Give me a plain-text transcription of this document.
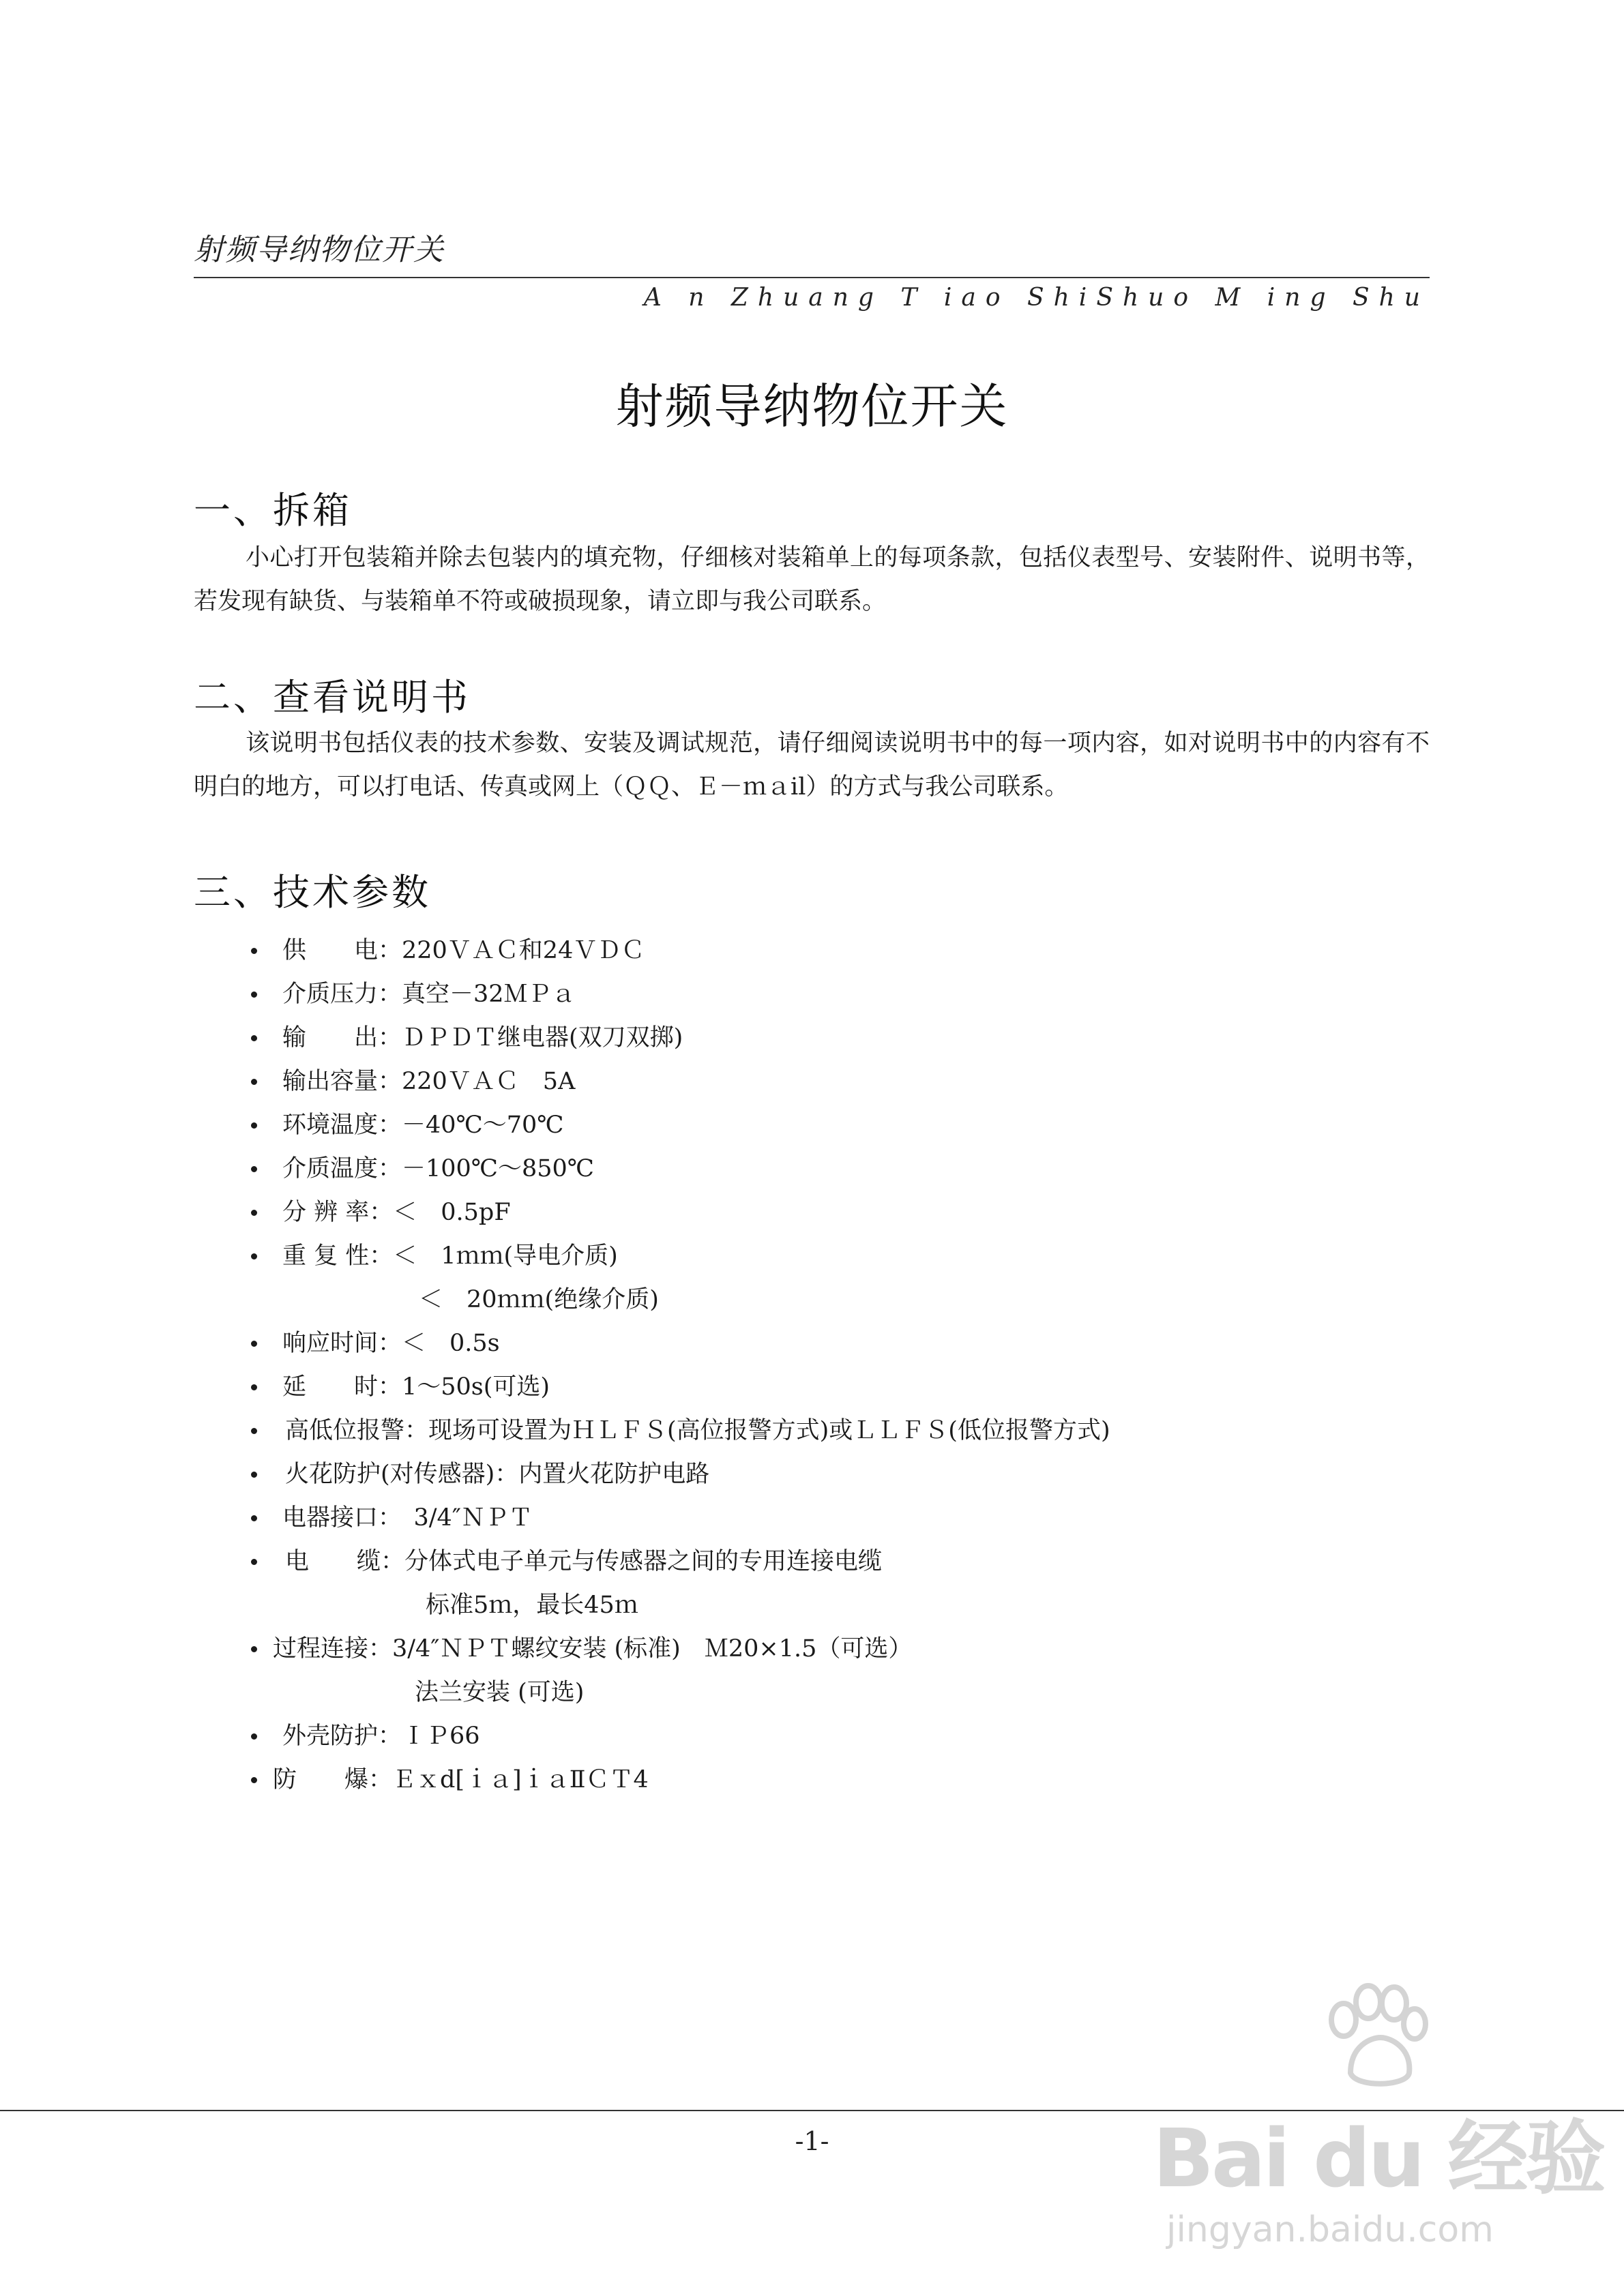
射频导纳物位开关
A n Zhuang T iao ShiShuo M ing Shu
射频导纳物位开关
一、拆箱
小心打开包装箱并除去包装内的填充物，仔细核对装箱单上的每项条款，包括仪表型号、安装附件、说明书等，若发现有缺货、与装箱单不符或破损现象，请立即与我公司联系。
二、查看说明书
该说明书包括仪表的技术参数、安装及调试规范，请仔细阅读说明书中的每一项内容，如对说明书中的内容有不明白的地方，可以打电话、传真或网上（ＱＱ、Ｅ－ｍａil）的方式与我公司联系。
三、技术参数
供　　电：220ＶＡＣ和24ＶＤＣ
介质压力：真空－32ＭＰａ
输　　出：ＤＰＤＴ继电器(双刀双掷)
输出容量：220ＶＡＣ　5A
环境温度：－40℃～70℃
介质温度：－100℃～850℃
分 辨 率：＜　0.5pF
重 复 性：＜　1ｍｍ(导电介质)
＜　20ｍｍ(绝缘介质)
响应时间：＜　0.5s
延　　时：1～50s(可选)
高低位报警：现场可设置为ＨＬＦＳ(高位报警方式)或ＬＬＦＳ(低位报警方式)
火花防护(对传感器)：内置火花防护电路
电器接口：　3/4″ＮＰＴ
电　　缆：分体式电子单元与传感器之间的专用连接电缆
标准5ｍ，最长45ｍ
过程连接：3/4″ＮＰＴ螺纹安装 (标准)　Ｍ20×1.5（可选）
法兰安装 (可选)
外壳防护：ＩＰ66
防　　爆：Ｅｘd[ｉａ]ｉａⅡＣＴ4
-1-	Bai du 经验
jingyan.baidu.com
